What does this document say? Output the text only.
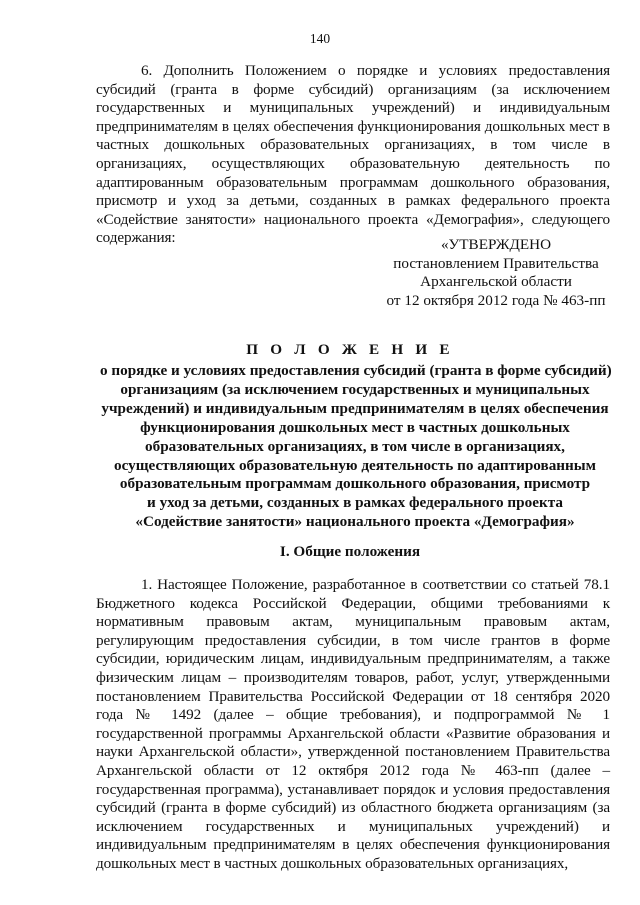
140

6. Дополнить Положением о порядке и условиях предоставления субсидий (гранта в форме субсидий) организациям (за исключением государственных и муниципальных учреждений) и индивидуальным предпринимателям в целях обеспечения функционирования дошкольных мест в частных дошкольных образовательных организациях, в том числе в организациях, осуществляющих образовательную деятельность по адаптированным образовательным программам дошкольного образования, присмотр и уход за детьми, созданных в рамках федерального проекта «Содействие занятости» национального проекта «Демография», следующего содержания:	«УТВЕРЖДЕНО
постановлением Правительства
Архангельской области
от 12 октября 2012 года № 463-пп
П О Л О Ж Е Н И Е
о порядке и условиях предоставления субсидий (гранта в форме субсидий)
организациям (за исключением государственных и муниципальных
учреждений) и индивидуальным предпринимателям в целях обеспечения
функционирования дошкольных мест в частных дошкольных
образовательных организациях, в том числе в организациях,
осуществляющих образовательную деятельность по адаптированным
образовательным программам дошкольного образования, присмотр
и уход за детьми, созданных в рамках федерального проекта
«Содействие занятости» национального проекта «Демография»
I. Общие положения

1. Настоящее Положение, разработанное в соответствии со статьей 78.1 Бюджетного кодекса Российской Федерации, общими требованиями к нормативным правовым актам, муниципальным правовым актам, регулирующим предоставления субсидии, в том числе грантов в форме субсидии, юридическим лицам, индивидуальным предпринимателям, а также физическим лицам – производителям товаров, работ, услуг, утвержденными постановлением Правительства Российской Федерации от 18 сентября 2020 года № 1492 (далее – общие требования), и подпрограммой № 1 государственной программы Архангельской области «Развитие образования и науки Архангельской области», утвержденной постановлением Правительства Архангельской области от 12 октября 2012 года № 463-пп (далее – государственная программа), устанавливает порядок и условия предоставления субсидий (гранта в форме субсидий) из областного бюджета организациям (за исключением государственных и муниципальных учреждений) и индивидуальным предпринимателям в целях обеспечения функционирования дошкольных мест в частных дошкольных образовательных организациях,
